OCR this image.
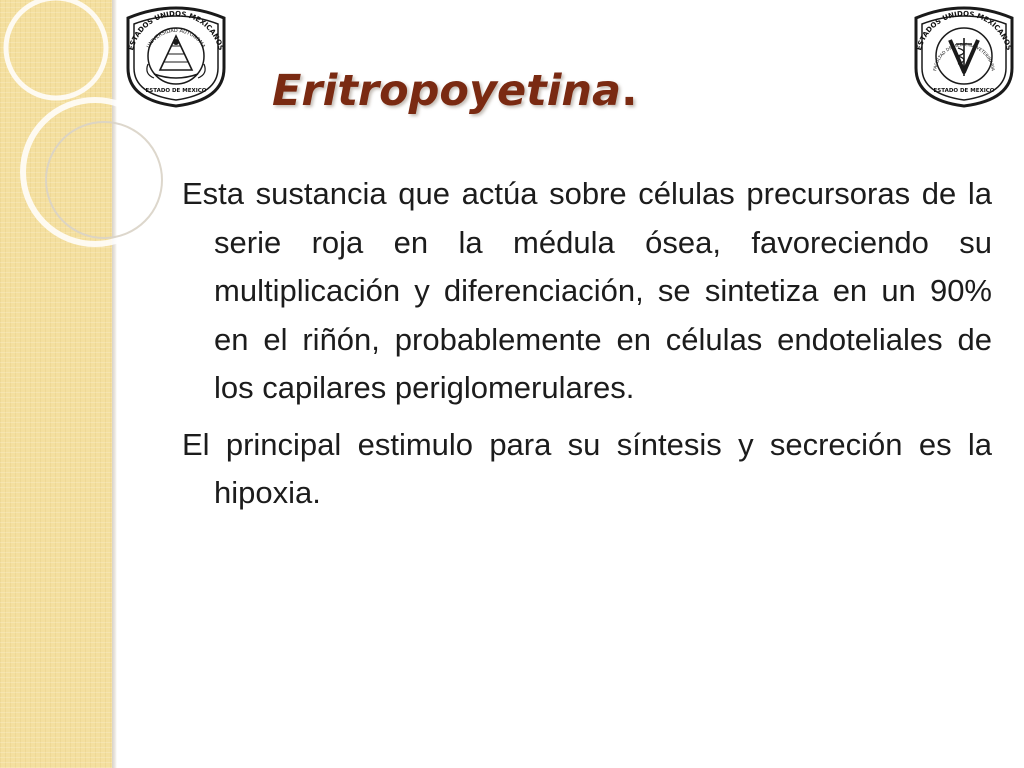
ESTADOS UNIDOS MEXICANOS
UNIVERSIDAD AUTONOMA
ESTADO DE MEXICO
ESTADOS UNIDOS MEXICANOS
FACULTAD DE MED CINA VETERINARIA
ESTADO DE MEXICO
Eritropoyetina.

Esta sustancia que actúa sobre células precursoras de la serie roja en la médula ósea, favoreciendo su multiplicación y diferenciación, se sintetiza en un 90% en el riñón, probablemente en células endoteliales de los capilares periglomerulares.

El principal estimulo para su síntesis y secreción es la hipoxia.
